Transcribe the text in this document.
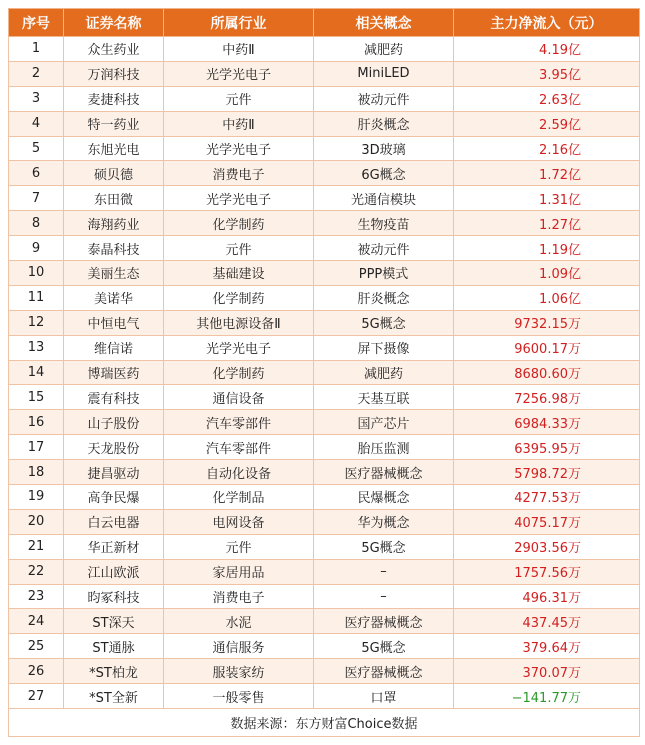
序号	证券名称	所属行业	相关概念	主力净流入（元）
1	众生药业	中药Ⅱ	减肥药	4.19亿
2	万润科技	光学光电子	MiniLED	3.95亿
3	麦捷科技	元件	被动元件	2.63亿
4	特一药业	中药Ⅱ	肝炎概念	2.59亿
5	东旭光电	光学光电子	3D玻璃	2.16亿
6	硕贝德	消费电子	6G概念	1.72亿
7	东田微	光学光电子	光通信模块	1.31亿
8	海翔药业	化学制药	生物疫苗	1.27亿
9	泰晶科技	元件	被动元件	1.19亿
10	美丽生态	基础建设	PPP模式	1.09亿
11	美诺华	化学制药	肝炎概念	1.06亿
12	中恒电气	其他电源设备Ⅱ	5G概念	9732.15万
13	维信诺	光学光电子	屏下摄像	9600.17万
14	博瑞医药	化学制药	减肥药	8680.60万
15	震有科技	通信设备	天基互联	7256.98万
16	山子股份	汽车零部件	国产芯片	6984.33万
17	天龙股份	汽车零部件	胎压监测	6395.95万
18	捷昌驱动	自动化设备	医疗器械概念	5798.72万
19	高争民爆	化学制品	民爆概念	4277.53万
20	白云电器	电网设备	华为概念	4075.17万
21	华正新材	元件	5G概念	2903.56万
22	江山欧派	家居用品	–	1757.56万
23	昀冢科技	消费电子	–	496.31万
24	ST深天	水泥	医疗器械概念	437.45万
25	ST通脉	通信服务	5G概念	379.64万
26	*ST柏龙	服装家纺	医疗器械概念	370.07万
27	*ST全新	一般零售	口罩	−141.77万
数据来源：东方财富Choice数据				
